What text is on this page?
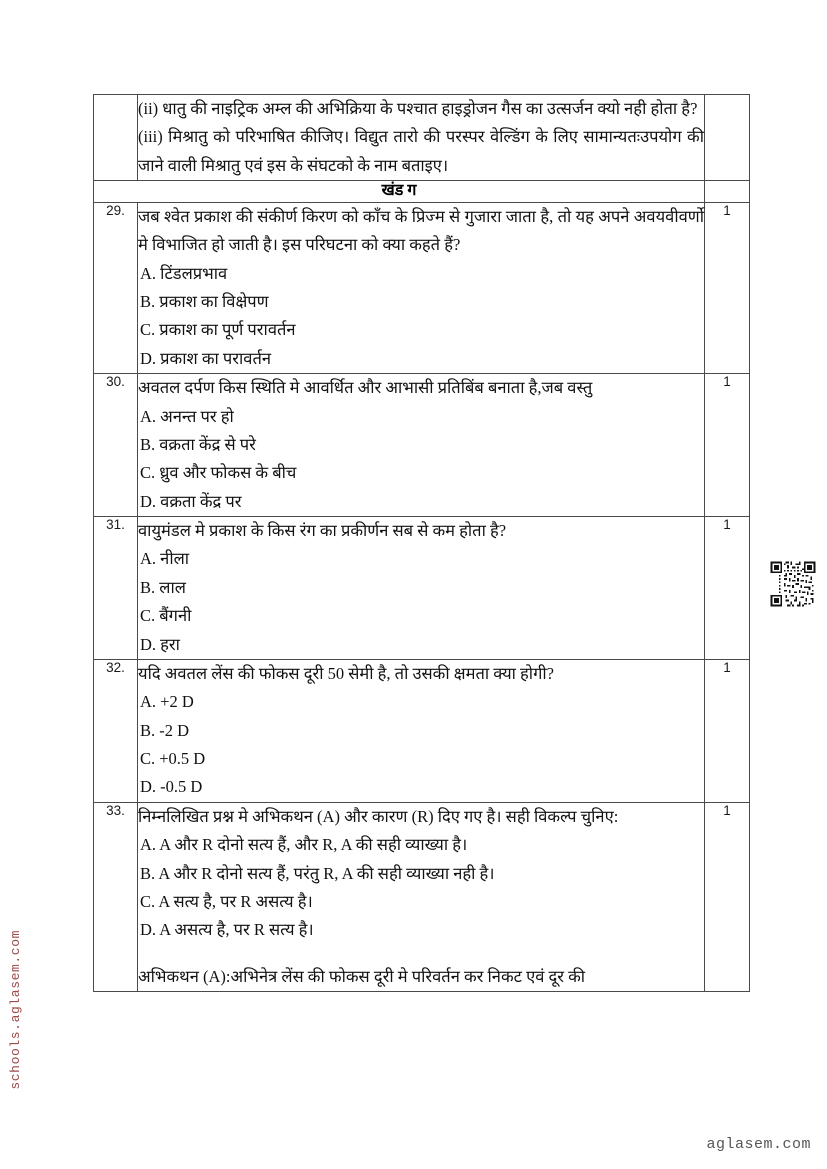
schools.aglasem.com
aglasem.com

	(ii) धातु की नाइट्रिक अम्ल की अभिक्रिया के पश्चात हाइड्रोजन गैस का उत्सर्जन क्यो नही होता है?

(iii) मिश्रातु को परिभाषित कीजिए। विद्युत तारो की परस्पर वेल्डिंग के लिए सामान्यतःउपयोग की जाने वाली मिश्रातु एवं इस के संघटको के नाम बताइए।	

खंड ग		
29.	जब श्वेत प्रकाश की संकीर्ण किरण को काँच के प्रिज्म से गुजारा जाता है, तो यह अपने अवयवीवर्णो मे विभाजित हो जाती है। इस परिघटना को क्या कहते हैं?

A. टिंडलप्रभाव

B. प्रकाश का विक्षेपण

C. प्रकाश का पूर्ण परावर्तन

D. प्रकाश का परावर्तन	1
30.	अवतल दर्पण किस स्थिति मे आवर्धित और आभासी प्रतिबिंब बनाता है,जब वस्तु

A. अनन्त पर हो

B. वक्रता केंद्र से परे

C. ध्रुव और फोकस के बीच

D. वक्रता केंद्र पर	1
31.	वायुमंडल मे प्रकाश के किस रंग का प्रकीर्णन सब से कम होता है?

A. नीला

B. लाल

C. बैंगनी

D. हरा	1
32.	यदि अवतल लेंस की फोकस दूरी 50 सेमी है, तो उसकी क्षमता क्या होगी?

A. +2 D

B. -2 D

C. +0.5 D

D. -0.5 D	1
33.	निम्नलिखित प्रश्न मे अभिकथन (A) और कारण (R) दिए गए है। सही विकल्प चुनिए:

A. A और R दोनो सत्य हैं, और R, A की सही व्याख्या है।

B. A और R दोनो सत्य हैं, परंतु R, A की सही व्याख्या नही है।

C. A सत्य है, पर R असत्य है।

D. A असत्य है, पर R सत्य है।

अभिकथन (A):अभिनेत्र लेंस की फोकस दूरी मे परिवर्तन कर निकट एवं दूर की

	1
